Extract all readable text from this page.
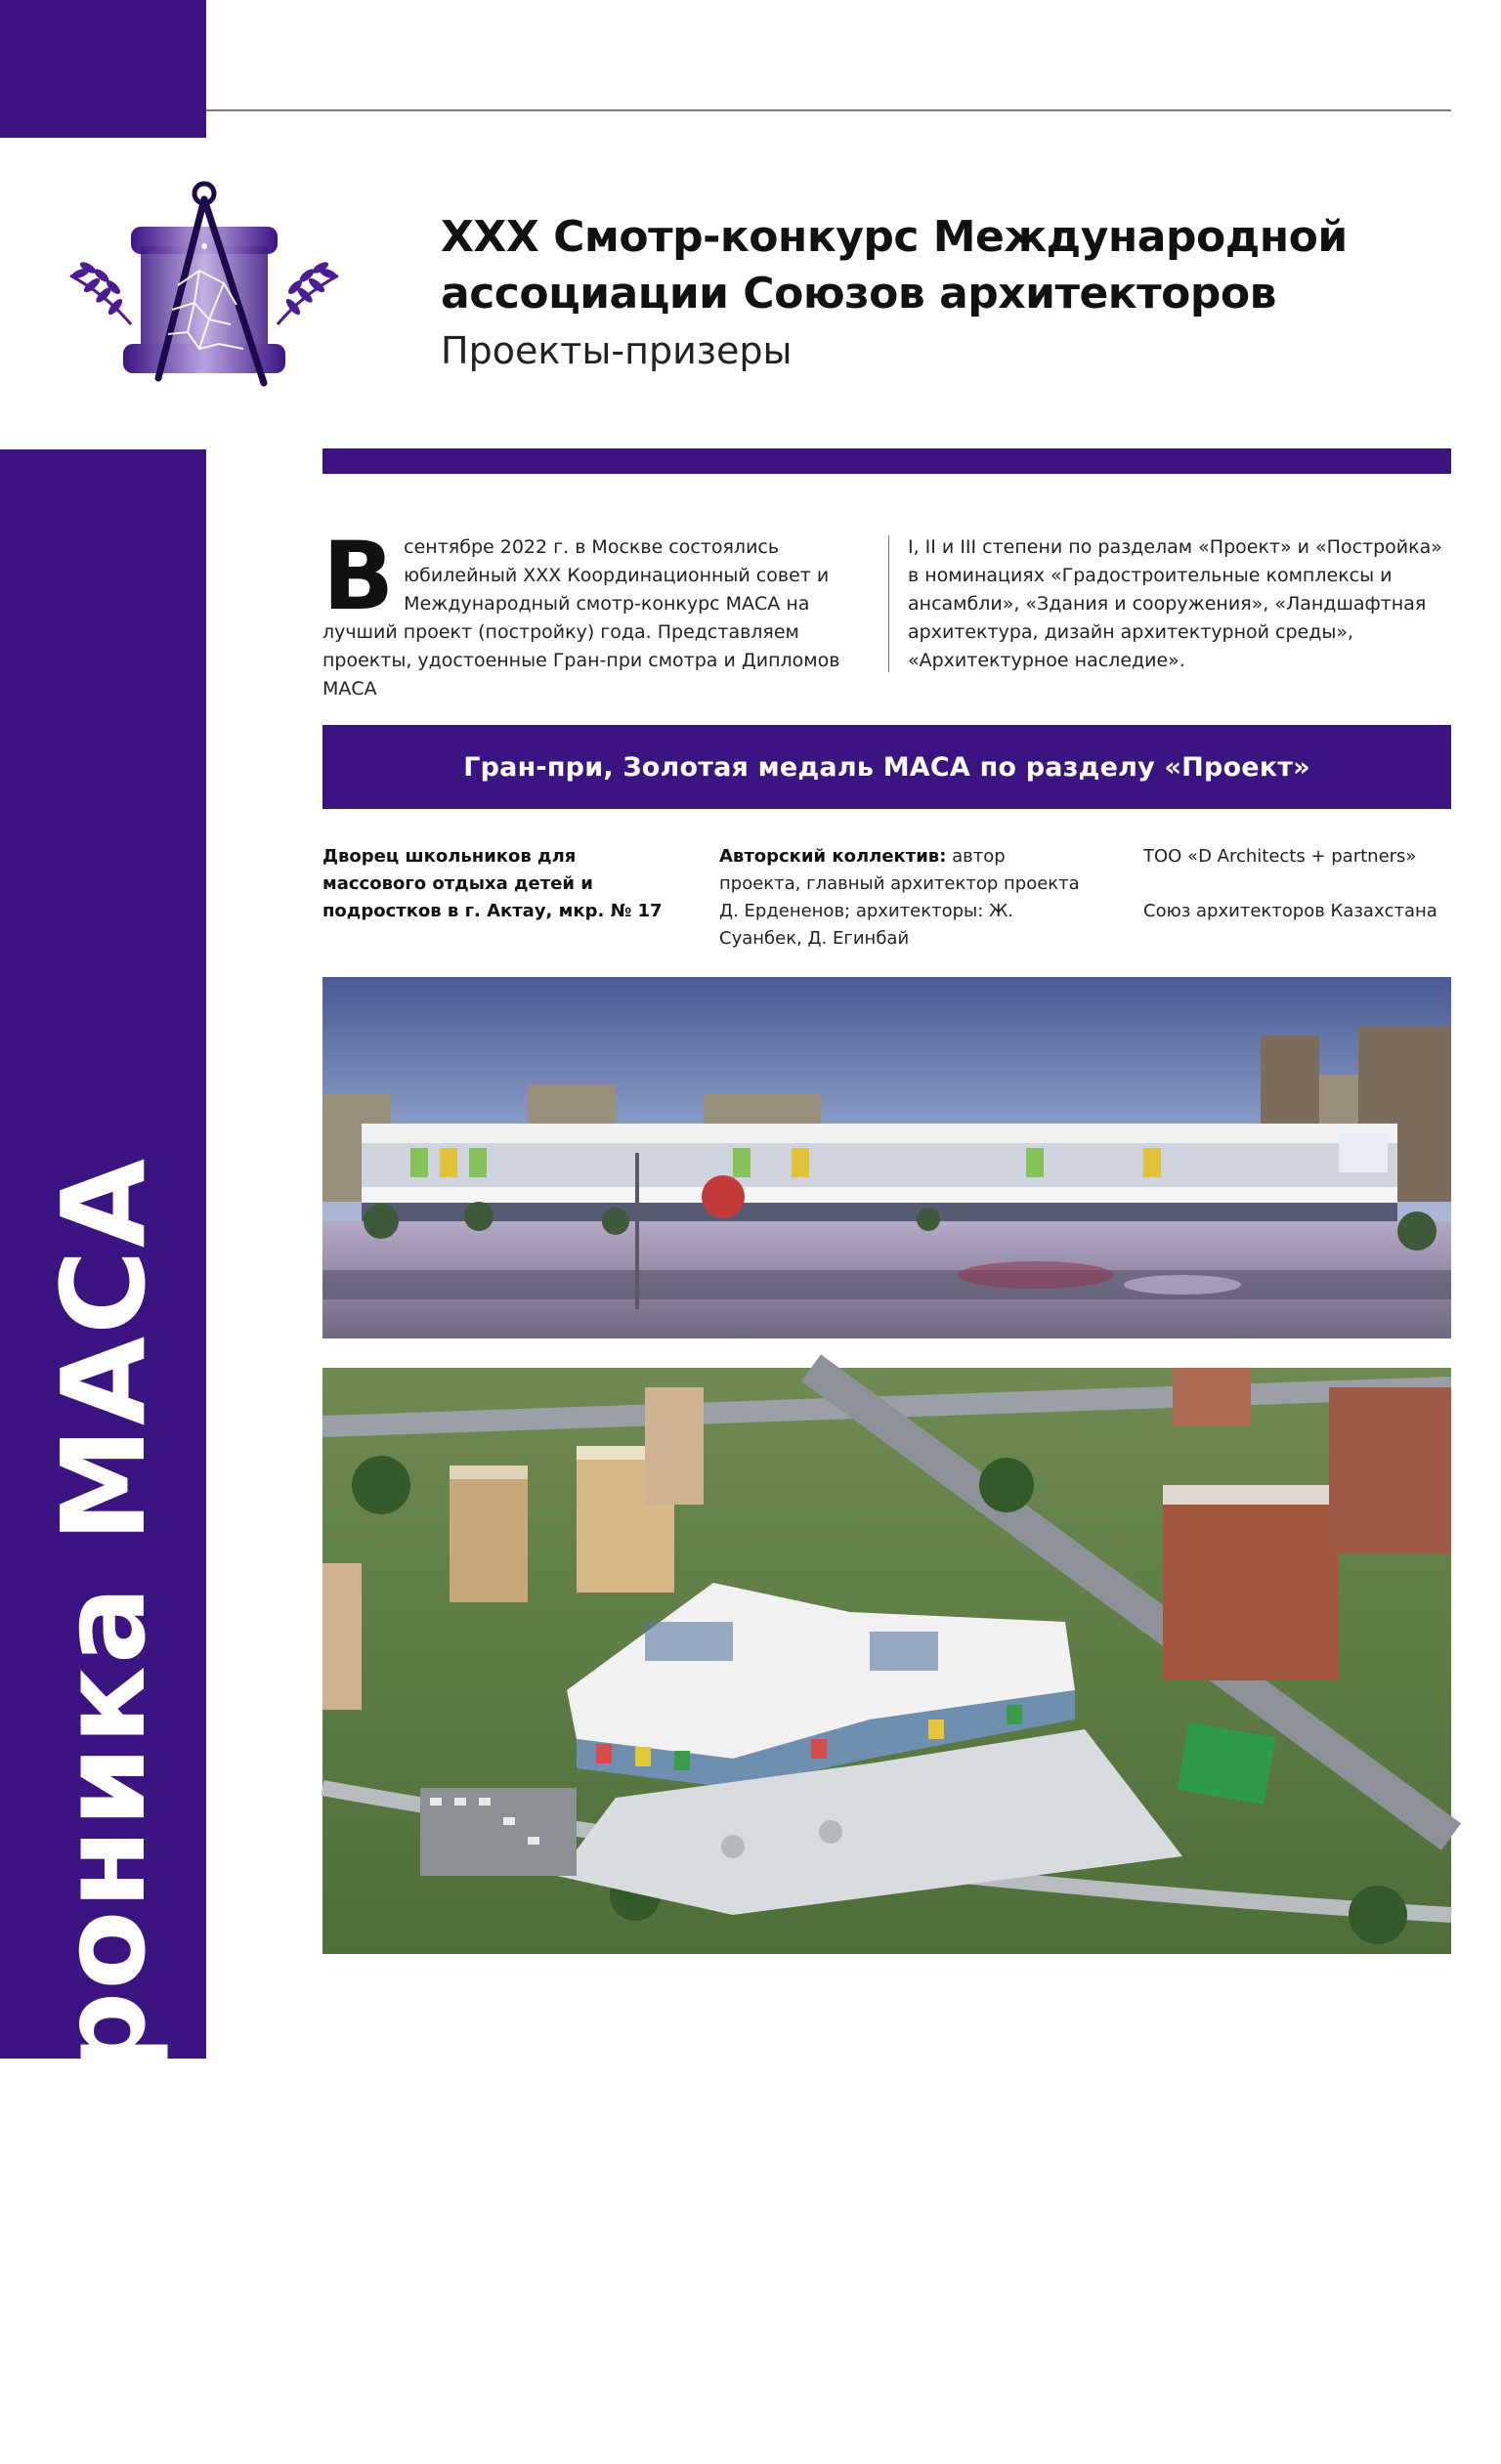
Хроника МАСА
6
XXX Смотр-конкурс Международной ассоциации Союзов архитекторов
Проекты-призеры
В сентябре 2022 г. в Москве состоялись юбилейный XXX Координационный совет и Международный смотр-конкурс МАСА на лучший проект (постройку) года. Представляем проекты, удостоенные Гран-при смотра и Дипломов МАСА
I, II и III степени по разделам «Проект» и «Постройка» в номинациях «Градостроительные комплексы и ансамбли», «Здания и сооружения», «Ландшафтная архитектура, дизайн архитектурной среды», «Архитектурное наследие».
Гран-при, Золотая медаль МАСА по разделу «Проект»
Дворец школьников для массового отдыха детей и подростков в г. Актау, мкр. № 17
Авторский коллектив: автор проекта, главный архитектор проекта Д. Ердененов; архитекторы: Ж. Суанбек, Д. Егинбай

ТОО «D Architects + partners»

Союз архитекторов Казахстана
